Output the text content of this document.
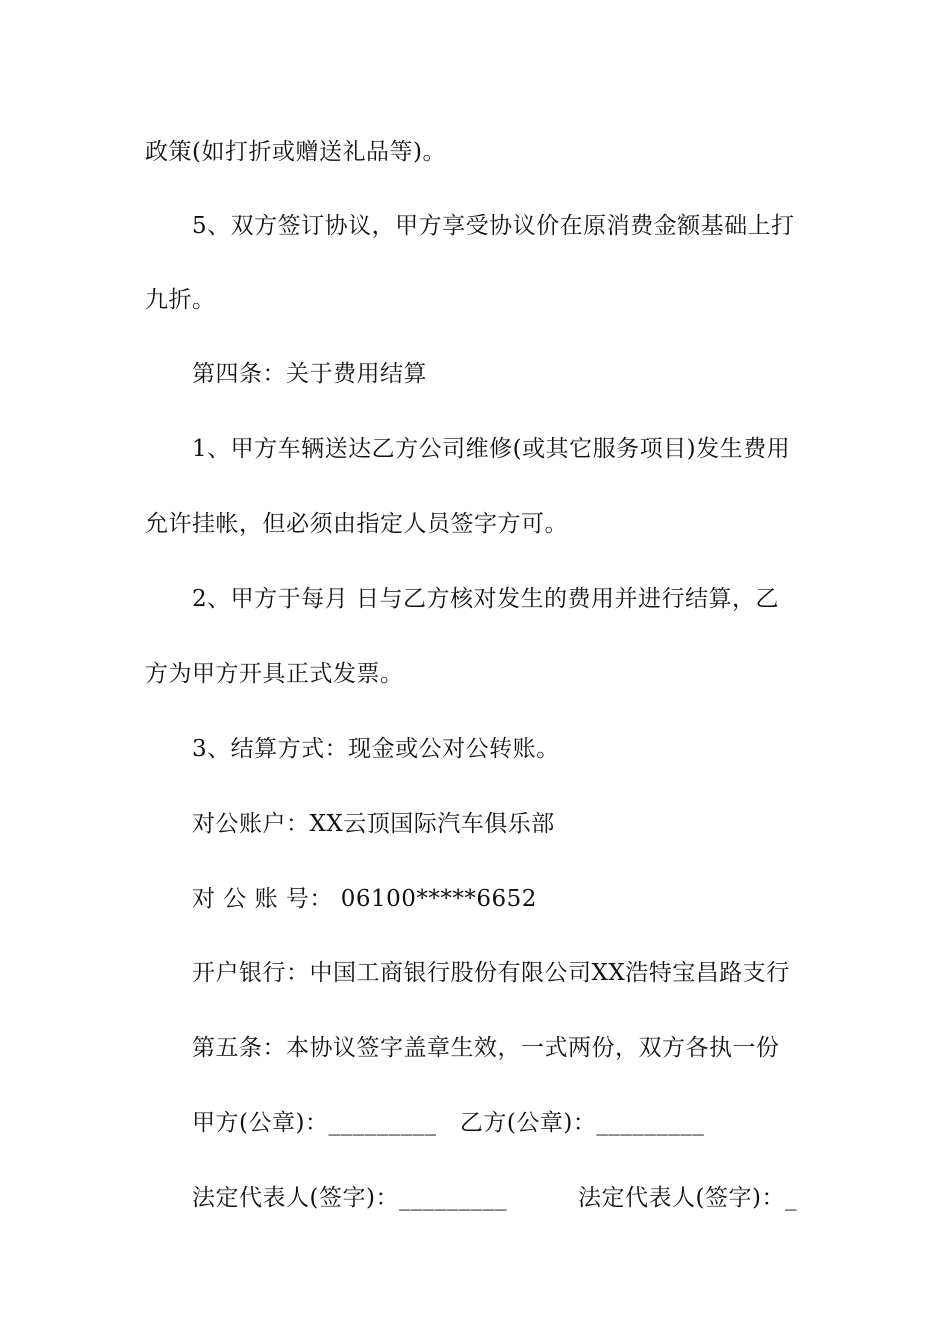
政策(如打折或赠送礼品等)。
5、双方签订协议，甲方享受协议价在原消费金额基础上打
九折。
第四条：关于费用结算
1、甲方车辆送达乙方公司维修(或其它服务项目)发生费用
允许挂帐，但必须由指定人员签字方可。
2、甲方于每月 日与乙方核对发生的费用并进行结算，乙
方为甲方开具正式发票。
3、结算方式：现金或公对公转账。
对公账户：XX云顶国际汽车俱乐部
对 公 账 号： 06100*****6652
开户银行：中国工商银行股份有限公司XX浩特宝昌路支行
第五条：本协议签字盖章生效，一式两份，双方各执一份
甲方(公章)：_________   乙方(公章)：_________
法定代表人(签字)：_________	法定代表人(签字)：_
